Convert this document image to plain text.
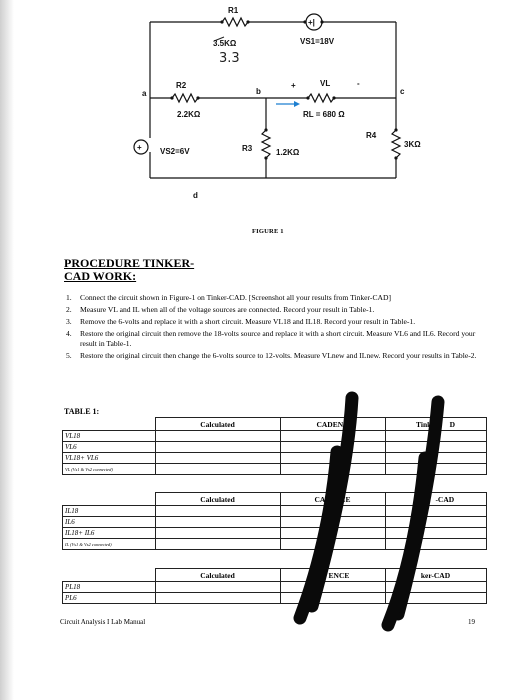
R1
3.5KΩ
3.3
+|
VS1=18V
R2
2.2KΩ
a	b	c
d
+	VL	-
RL = 680 Ω
R4
3KΩ
+ VS2=6V	R3	1.2KΩ
FIGURE 1
PROCEDURE TINKER-
CAD WORK:
1. Connect the circuit shown in Figure-1 on Tinker-CAD. [Screenshot all your results from Tinker-CAD]
2. Measure VL and IL when all of the voltage sources are connected. Record your result in Table-1.
3. Remove the 6-volts and replace it with a short circuit. Measure VL18 and IL18. Record your result in Table-1.
4. Restore the original circuit then remove the 18-volts source and replace it with a short circuit. Measure VL6 and IL6. Record your result in Table-1.
5. Restore the original circuit then change the 6-volts source to 12-volts. Measure VLnew and ILnew. Record your results in Table-2.
TABLE 1:
	Calculated	CADENC	Tinker- D
VL18			
VL6			
VL18+ VL6			
VL (Vs1 & Vs2 connected)			
	Calculated	CAD CE	Tin -CAD
IL18			
IL6			
IL18+ IL6			
IL (Vs1 & Vs2 connected)			
	Calculated	C ENCE	ker-CAD
PL18			
PL6			
Circuit Analysis I Lab Manual	19
